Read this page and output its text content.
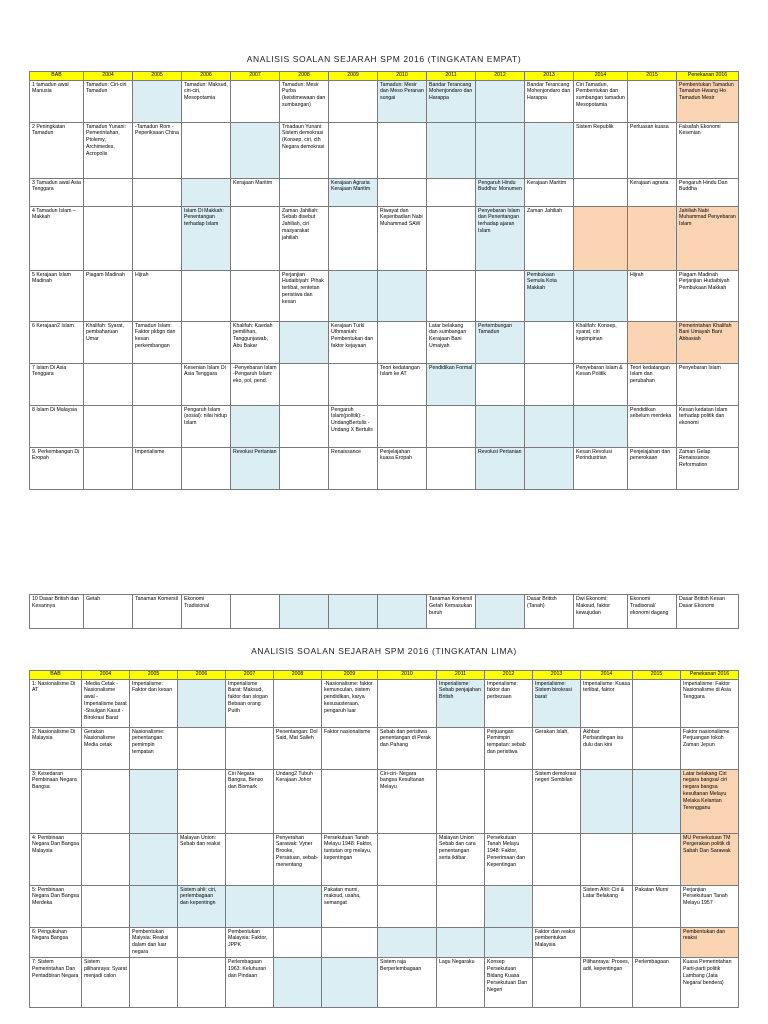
ANALISIS SOALAN SEJARAH SPM 2016 (TINGKATAN EMPAT)
BAB	2004	2005	2006	2007	2008	2009	2010	2011	2012	2013	2014	2015	Penekanan 2016
1 tamadun awal Manusia	Tamadun: Ciri-ciri Tamadun		Tamadun: Maksud, ciri-ciri, Mesopotamia		Tamadun: Mesir Purba (keistimewaan dan sumbangan)		Tamadun: Mesir dan Meso Peranan sungai	Bandar Terancang Mohenjondaro dan Harappa		Bandar Terancang Mohenjondaro dan Harappa	Ciri Tamadun, Pembentukan dan sumbangan tamadun Mesopotamia		Pembentukan Tamadun Tamadun Hwang Ho Tamadun Mesir
2 Peningkatan Tamadun	Tamadun Yunani: Pemerintahan, Ptolemy, Archimedes, Acropolis	-Tamadun Rom -Peperiksaan China			Tmadaun Yunani: Sistem demokrasi (Konsep, ciri, cth Negara demokrasi						Sistem Republik	Perluasan kuasa	Falsafah Ekonomi Kesenian
3 Tamadun awal Asia Tenggara				Kerajaan Maritim		Kerajaan Agraria Kerajaan Maritim			Pengaruh Hindu Buddha: Monumen	Kerajaan Maritim		Kerajaan agraria	Pengaruh Hindu Dan Buddha
4 Tamadun Islam –Makkah			Islam Di Makkah: Penentangan terhadap Islam		Zaman Jahiliah: Sebab disebut Jahiliah, ciri masyarakat jahiliah		Riwayat dan Keperibadian Nabi Muhammad SAW		Penyebaran Islam dan Penentangan terhadap ajaran Islam	Zaman Jahiliah			Jahiliah Nabi Muhammad Penyebaran Islam
5 Kerajaan Islam Madinah	Piagam Madinah	Hijrah			Perjanjian Hudaibiyah: Pihak terlibat, rentetan peristiwa dan kesan					Pembukaan Semula Kota Makkah		Hijrah	Piagam Madinah Perjanjian Hudaibiyah Pembukaan Makkah
6 Kerajaan2 Islam	Khalifah: Syarat, pembaharuan Umar	Tamadun Islam: Faktor pkbgn dan kesan perkembangan		Khalifah: Kaedah pemilihan, Tanggunjawab, Abu Bakar		Kerajaan Turki Uthmaniah: Pembentukan dan faktor kejayaan		Latar belakang dan sumbangan Kerajaan Bani Umaiyah	Pertembungan Tamadun		Khalifah: Konsep, syarat, ciri kepimpinan		Pemerintahan Khalifah Bani Umayah Bani Abbasiah
7 Islam Di Asia Tenggara			Kesenian Islam Di Asia Tenggara	-Penyebaran Islam -Pengaruh Islam: eko, pol, pend.			Teori kedatangan Islam ke AT	Pendidikan Formal			Penyebaran Islam & Kesan Politik	Teori kedatangan Islam dan perubahan	Penyebaran Islam
8 Islam Di Malaysia			Pengaruh Islam (sosial): nilai hidup Islam			Pengaruh Islam(politik): -UndangBertulis -Undang X Bertulis						Pendidikan sebelum merdeka	Kesan kedatan Islam terhadap politik dan ekonomi
9. Perkembangan Di Eropah		Imperialisme		Revolusi Pertanian		Renaissance	Penjelajahan kuasa Eropah		Revolusi Pertanian		Kesan Revolusi Perindustrian	Penjelajahan dan penerokaan	Zaman Gelap Renaissance Reformation
10 Dasar British dan Kesannya	Getah	Tanaman Komersil	Ekonomi Tradisional					Tanaman Komersil Getah Kemasukan buruh		Dasar British (Tanah)	Dwi Ekonomi: Maksud, faktor kewujudan	Ekonomi Tradisonal/ ekonomi dagang	Dasar British Kesan Dasar Ekonomi
ANALISIS SOALAN SEJARAH SPM 2016 (TINGKATAN LIMA)
BAB	2004	2005	2006	2007	2008	2009	2010	2011	2012	2013	2014	2015	Penekanan 2016
1: Nasionalisme Di AT	-Media Cetak -Nasionalisme awal -Imperialisme barat -Sisulgan Kasut -Birokrasi Barat	Imperialisme: Faktor dan kesan		Imperialisme Barat: Maksud, faktor dan slogan Bebaan orang Putih		-Nasionalisme: faktor kemunculan, sistem pendidikan, karya kesusasteraan, pengaruh luar		Imperialisme: Sebab penjajahan British	Imperialisme: faktor dan perbezaan	Imperialisme: Sistem birokrasi barat	Imperialisme: Kuasa terlibat, faktor		Imperialisme: Faktor Nasionalisme di Asia Tenggara
2: Nasionalisme Di Malaysia	Gerakan Nasionalisme Media cetak	Nasionalisme: penentangan pemimpin tempatan			Penentangan: Dol Said, Mat Salleh	Faktor nasionalisme	Sebab dan peristiwa penentangan di Perak dan Pahang		Perjuangan Pemimpin tempatan: sebab dan peristiwa	Gerakan Islah,	Akhbar Perbandingan isu dulu dan kini		Faktor nasionalisme Perjuangan tokoh Zaman Jepun
3: Kesedaran Pembinaan Negara Bangsa				Ciri Negara Bangsa, Benso dan Bismark	Undang2 Tubuh Kerajaan Johor		Ciri-ciri- Negara bangsa Kesultanan Melayu			Sistem demokrasi negeri Sembilan			Latar belakang Ciri negara bangsa/ ciri negara bangsa kesultanan Melayu Melaka Kelantan Terengganu
4: Pembinaan Negara Dan Bangsa Malaysia			Malayan Union: Sebab dan reaksi		Penyerahan Sarawak: Vyner Brooke, Persatuan, sebab-menentang	Persekutuan Tanah Melayu 1948: Faktor, tuntutan org melayu, kepentingan		Malayan Union Sebab dan cara penentangan serta iktibar	Persekutuan Tanah Melayu 1948: Faktor, Penerimaan dan Kepentingan				MU Persekutuan TM Pergerakan politik di Sabah Dan Sarawak
5: Pembinaan Negara Dan Bangsa Merdeka			Sistem ahli: ciri, perlembagaan dan kepentingn			Pakatan murni, maksud, usaha, semangat					Sistem Ahli: Ciri & Latar Belakang	Pakatan Murni	Perjanjian Persekutuan Tanah Melayu 1957
6: Pengukuhan Negara Bangsa		Pembentukan Malysia: Reaksi dalam dan luar negara		Pembentukan Malaysia: Faktor, JPPK						Faktor dan reaksi pembentukan Malaysia			Pembentukan dan reaksi
7: Sistem Pemerintahan Dan Pentadbiran Negara	Sistem pilihanraya: Syarat menjadi calon			Perlembagaan 1963: Keluhuran dan Pindaan			Sistem raja Berperlembagaan	Lagu Negaraku	Konsep Persekutuan Bidang Kuasa Persekutuan Dan Negeri		Pilihanraya: Proses, adil, kepentingan	Perlembagaan	Kuasa Pemerintahan Parti-parti politik Lambang (Jata Negara/ bendera)
